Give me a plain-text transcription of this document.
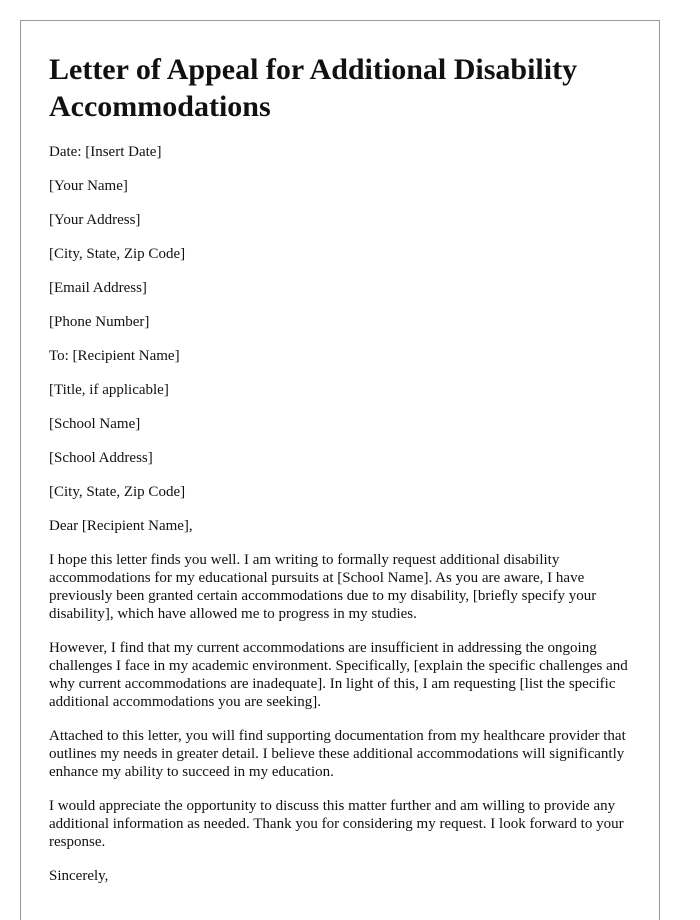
Letter of Appeal for Additional Disability Accommodations
Date: [Insert Date]
[Your Name]
[Your Address]
[City, State, Zip Code]
[Email Address]
[Phone Number]
To: [Recipient Name]
[Title, if applicable]
[School Name]
[School Address]
[City, State, Zip Code]
Dear [Recipient Name],

I hope this letter finds you well. I am writing to formally request additional disability accommodations for my educational pursuits at [School Name]. As you are aware, I have previously been granted certain accommodations due to my disability, [briefly specify your disability], which have allowed me to progress in my studies.

However, I find that my current accommodations are insufficient in addressing the ongoing challenges I face in my academic environment. Specifically, [explain the specific challenges and why current accommodations are inadequate]. In light of this, I am requesting [list the specific additional accommodations you are seeking].

Attached to this letter, you will find supporting documentation from my healthcare provider that outlines my needs in greater detail. I believe these additional accommodations will significantly enhance my ability to succeed in my education.

I would appreciate the opportunity to discuss this matter further and am willing to provide any additional information as needed. Thank you for considering my request. I look forward to your response.

Sincerely,
